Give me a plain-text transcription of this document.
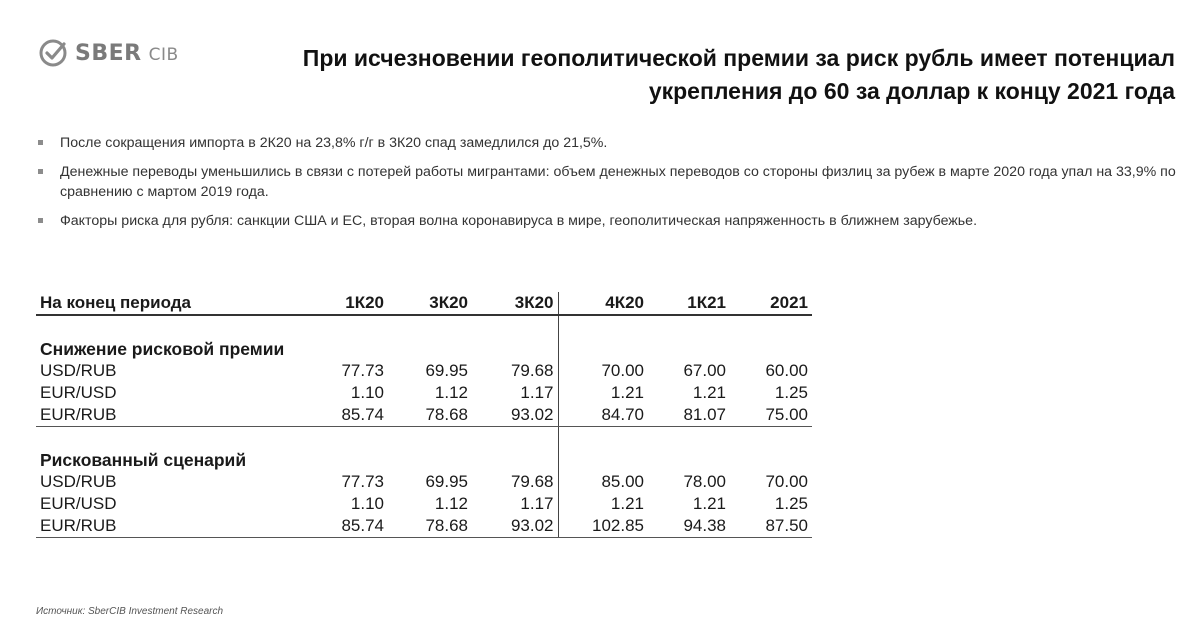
SBER CIB	При исчезновении геополитической премии за риск рубль имеет потенциал
укрепления до 60 за доллар к концу 2021 года
После сокращения импорта в 2К20 на 23,8% г/г в 3К20 спад замедлился до 21,5%.
Денежные переводы уменьшились в связи с потерей работы мигрантами: объем денежных переводов со стороны физлиц за рубеж в марте 2020 года упал на 33,9% по сравнению с мартом 2019 года.
Факторы риска для рубля: санкции США и ЕС, вторая волна коронавируса в мире, геополитическая напряженность в ближнем зарубежье.
На конец периода	1К20	3К20	3К20	4К20	1К21	2021

Снижение рисковой премии						
USD/RUB	77.73	69.95	79.68	70.00	67.00	60.00
EUR/USD	1.10	1.12	1.17	1.21	1.21	1.25
EUR/RUB	85.74	78.68	93.02	84.70	81.07	75.00

Рискованный сценарий						
USD/RUB	77.73	69.95	79.68	85.00	78.00	70.00
EUR/USD	1.10	1.12	1.17	1.21	1.21	1.25
EUR/RUB	85.74	78.68	93.02	102.85	94.38	87.50
Источник: SberCIB Investment Research
